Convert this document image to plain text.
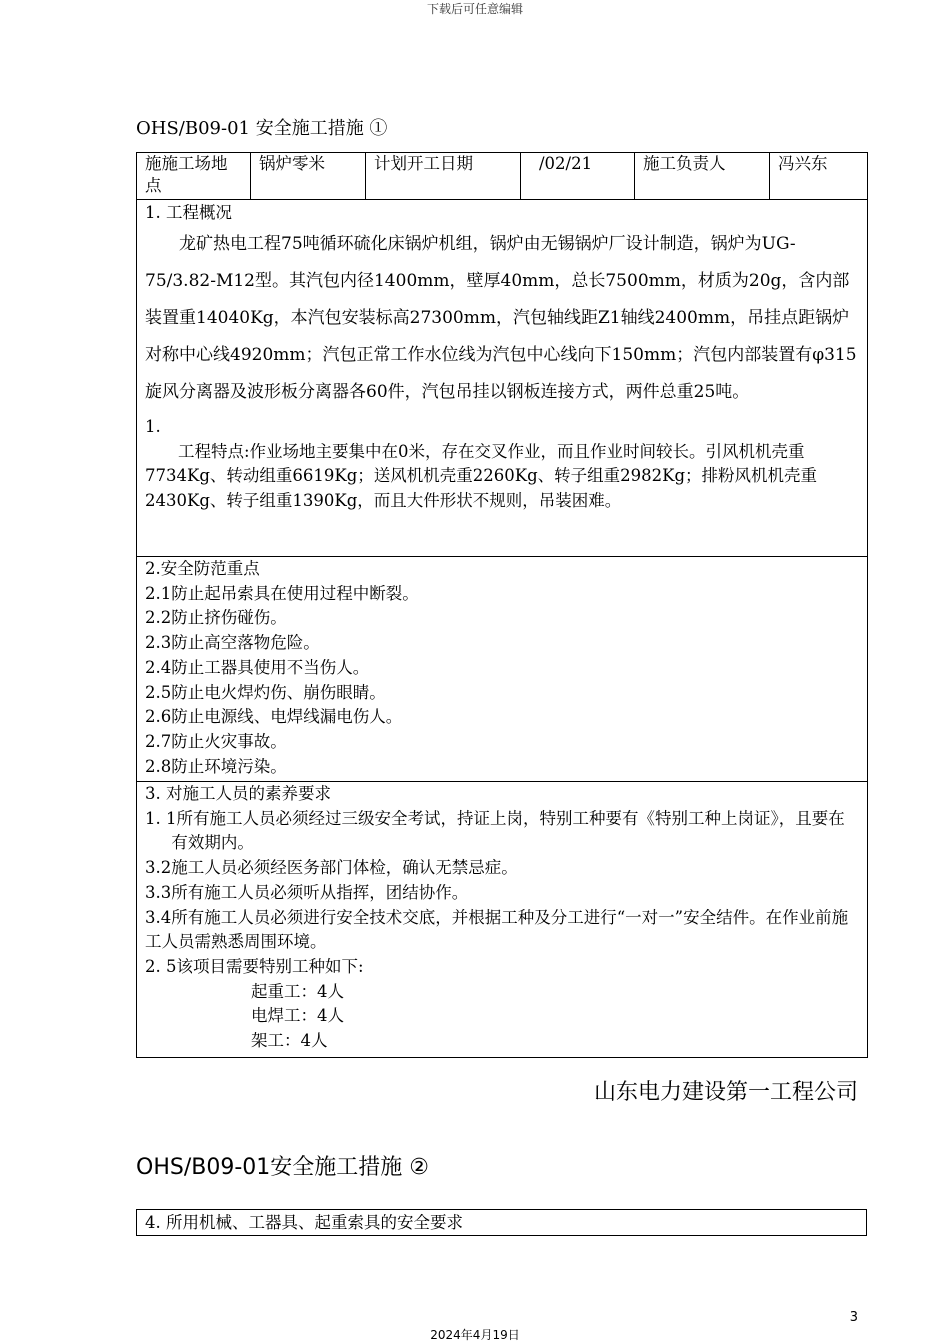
下载后可任意编辑
OHS/B09-01 安全施工措施 ①
施施工场地点	锅炉零米	计划开工日期	/02/21	施工负责人	冯兴东

1. 工程概况
龙矿热电工程75吨循环硫化床锅炉机组，锅炉由无锡锅炉厂设计制造，锅炉为UG-75/3.82-M12型。其汽包内径1400mm，壁厚40mm，总长7500mm，材质为20g，含内部装置重14040Kg，本汽包安装标高27300mm，汽包轴线距Z1轴线2400mm，吊挂点距锅炉对称中心线4920mm；汽包正常工作水位线为汽包中心线向下150mm；汽包内部装置有φ315旋风分离器及波形板分离器各60件，汽包吊挂以钢板连接方式，两件总重25吨。
1.
工程特点:作业场地主要集中在0米，存在交叉作业，而且作业时间较长。引风机机壳重7734Kg、转动组重6619Kg；送风机机壳重2260Kg、转子组重2982Kg；排粉风机机壳重2430Kg、转子组重1390Kg，而且大件形状不规则，吊装困难。

2.安全防范重点
2.1防止起吊索具在使用过程中断裂。
2.2防止挤伤碰伤。
2.3防止高空落物危险。
2.4防止工器具使用不当伤人。
2.5防止电火焊灼伤、崩伤眼睛。
2.6防止电源线、电焊线漏电伤人。
2.7防止火灾事故。
2.8防止环境污染。

3. 对施工人员的素养要求
1. 1所有施工人员必须经过三级安全考试，持证上岗，特别工种要有《特别工种上岗证》，且要在有效期内。
3.2施工人员必须经医务部门体检，确认无禁忌症。
3.3所有施工人员必须听从指挥，团结协作。
3.4所有施工人员必须进行安全技术交底，并根据工种及分工进行“一对一”安全结件。在作业前施工人员需熟悉周围环境。
2. 5该项目需要特别工种如下:
起重工：4人
电焊工：4人
架工：4人
山东电力建设第一工程公司
OHS/B09-01安全施工措施 ②
4. 所用机械、工器具、起重索具的安全要求
3
2024年4月19日
